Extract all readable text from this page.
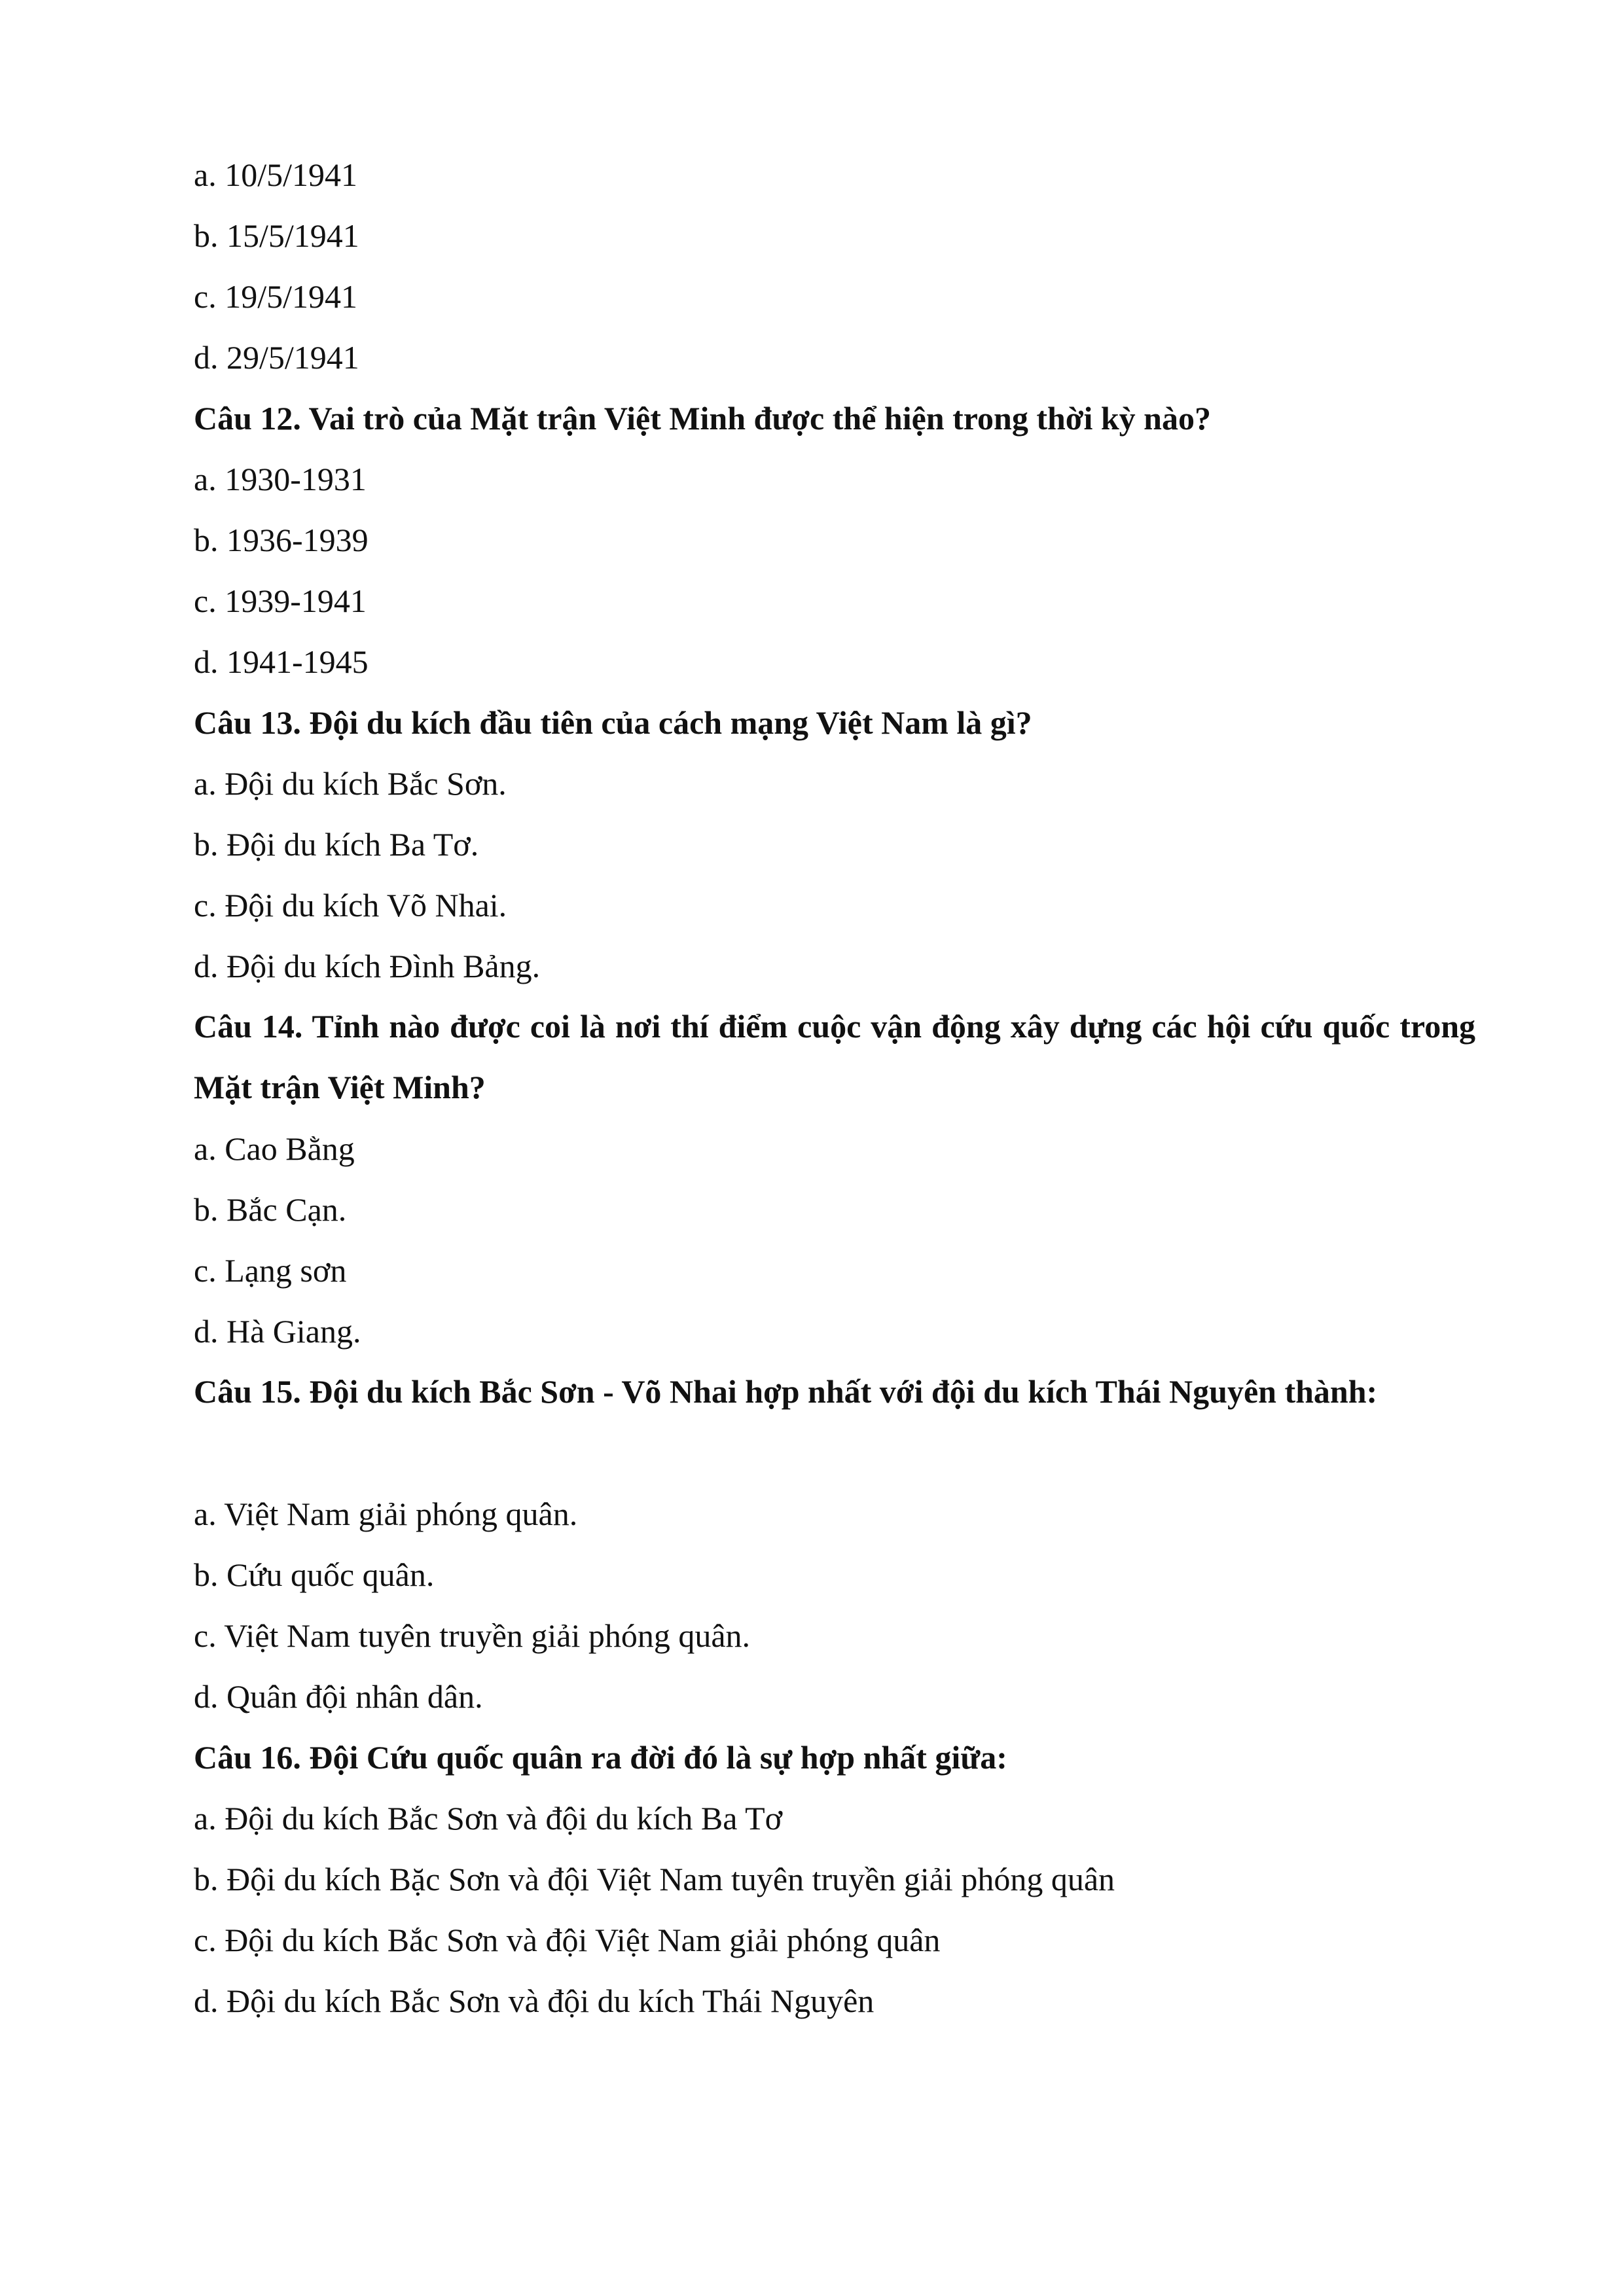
a. 10/5/1941

b. 15/5/1941

c. 19/5/1941

d. 29/5/1941

Câu 12. Vai trò của Mặt trận Việt Minh được thể hiện trong thời kỳ nào?

a. 1930-1931

b. 1936-1939

c. 1939-1941

d. 1941-1945

Câu 13. Đội du kích đầu tiên của cách mạng Việt Nam là gì?

a. Đội du kích Bắc Sơn.

b. Đội du kích Ba Tơ.

c. Đội du kích Võ Nhai.

d. Đội du kích Đình Bảng.

Câu 14. Tỉnh nào được coi là nơi thí điểm cuộc vận động xây dựng các hội cứu quốc trong Mặt trận Việt Minh?

a. Cao Bằng

b. Bắc Cạn.

c. Lạng sơn

d. Hà Giang.

Câu 15. Đội du kích Bắc Sơn - Võ Nhai hợp nhất với đội du kích Thái Nguyên thành:

a. Việt Nam giải phóng quân.

b. Cứu quốc quân.

c. Việt Nam tuyên truyền giải phóng quân.

d. Quân đội nhân dân.

Câu 16. Đội Cứu quốc quân ra đời đó là sự hợp nhất giữa:

a. Đội du kích Bắc Sơn và đội du kích Ba Tơ

b. Đội du kích Bặc Sơn và đội Việt Nam tuyên truyền giải phóng quân

c. Đội du kích Bắc Sơn và đội Việt Nam giải phóng quân

d. Đội du kích Bắc Sơn và đội du kích Thái Nguyên
